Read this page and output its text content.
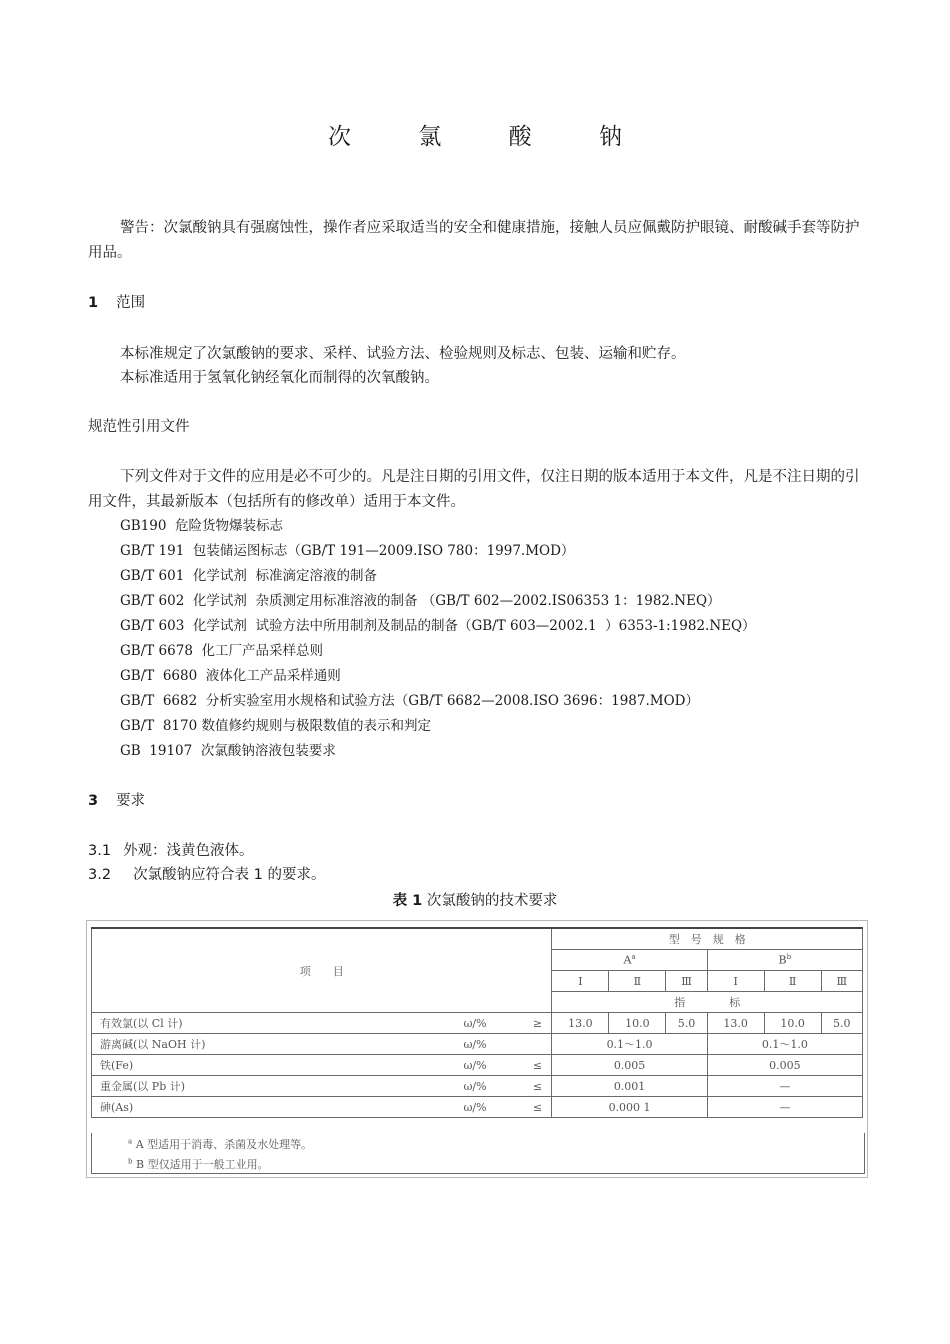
次 氯 酸 钠
警告：次氯酸钠具有强腐蚀性，操作者应采取适当的安全和健康措施，接触人员应佩戴防护眼镜、耐酸碱手套等防护用品。
1 范围
本标准规定了次氯酸钠的要求、采样、试验方法、检验规则及标志、包装、运输和贮存。
本标准适用于氢氧化钠经氧化而制得的次氧酸钠。
规范性引用文件
下列文件对于文件的应用是必不可少的。凡是注日期的引用文件，仅注日期的版本适用于本文件，凡是不注日期的引用文件，其最新版本（包括所有的修改单）适用于本文件。
GB190  危险货物爆装标志
GB/T 191  包装储运图标志（GB/T 191—2009.ISO 780：1997.MOD）
GB/T 601  化学试剂  标准滴定溶液的制备
GB/T 602  化学试剂  杂质测定用标准溶液的制备 （GB/T 602—2002.IS06353 1：1982.NEQ）
GB/T 603  化学试剂  试验方法中所用制剂及制品的制备（GB/T 603—2002.1  ）6353-1:1982.NEQ）
GB/T 6678  化工厂产品采样总则
GB/T  6680  液体化工产品采样通则
GB/T  6682  分析实验室用水规格和试验方法（GB/T 6682—2008.ISO 3696：1987.MOD）
GB/T  8170 数值修约规则与极限数值的表示和判定
GB  19107  次氯酸钠溶液包装要求
3 要求
3.1 外观：浅黄色液体。
3.2 次氯酸钠应符合表 1 的要求。
表 1 次氯酸钠的技术要求
项　　目			型　号　规　格					
			$A^a$			$B^b$
			Ⅰ	Ⅱ	Ⅲ	Ⅰ	Ⅱ	Ⅲ
			指　　　　标					
有效氯(以 Cl 计)	ω/%	≥	13.0	10.0	5.0	13.0	10.0	5.0
游离碱(以 NaOH 计)	ω/%		0.1～1.0			0.1～1.0		
铁(Fe)	ω/%	≤	0.005			0.005		
重金属(以 Pb 计)	ω/%	≤	0.001			—		
砷(As)	ω/%	≤	0.000 1			—		
$^a$ A 型适用于消毒、杀菌及水处理等。
$^b$ B 型仅适用于一般工业用。
